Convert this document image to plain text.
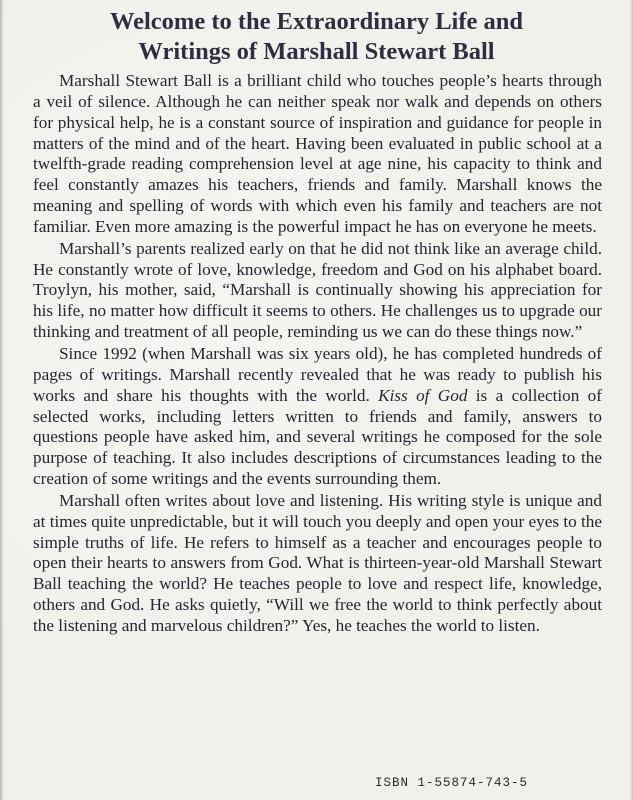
Welcome to the Extraordinary Life and
Writings of Marshall Stewart Ball

Marshall Stewart Ball is a brilliant child who touches people’s hearts through a veil of silence. Although he can neither speak nor walk and depends on others for physical help, he is a constant source of inspiration and guidance for people in matters of the mind and of the heart. Having been evaluated in public school at a twelfth-grade reading comprehension level at age nine, his capacity to think and feel constantly amazes his teachers, friends and family. Marshall knows the meaning and spelling of words with which even his family and teachers are not familiar. Even more amazing is the powerful impact he has on everyone he meets.

Marshall’s parents realized early on that he did not think like an average child. He constantly wrote of love, knowledge, freedom and God on his alphabet board. Troylyn, his mother, said, “Marshall is continually showing his appreciation for his life, no matter how difficult it seems to others. He challenges us to upgrade our thinking and treatment of all people, reminding us we can do these things now.”

Since 1992 (when Marshall was six years old), he has completed hundreds of pages of writings. Marshall recently revealed that he was ready to publish his works and share his thoughts with the world. Kiss of God is a collection of selected works, including letters written to friends and family, answers to questions people have asked him, and several writings he composed for the sole purpose of teaching. It also includes descriptions of circumstances leading to the creation of some writings and the events surrounding them.

Marshall often writes about love and listening. His writing style is unique and at times quite unpredictable, but it will touch you deeply and open your eyes to the simple truths of life. He refers to himself as a teacher and encourages people to open their hearts to answers from God. What is thirteen-year-old Marshall Stewart Ball teaching the world? He teaches people to love and respect life, knowledge, others and God. He asks quietly, “Will we free the world to think perfectly about the listening and marvelous children?” Yes, he teaches the world to listen.

ISBN 1-55874-743-5
